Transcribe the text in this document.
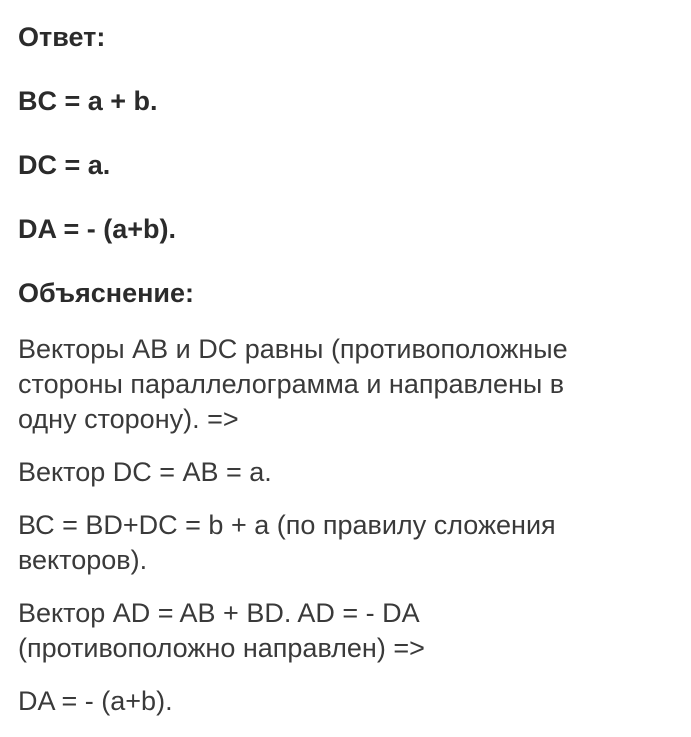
Ответ:

BC = a + b.

DC = a.

DA = - (a+b).

Объяснение:

Векторы АВ и DC равны (противоположные

стороны параллелограмма и направлены в

одну сторону). =>

Вектор DC = АВ = а.

ВС = BD+DC = b + a (по правилу сложения

векторов).

Вектор AD = AB + BD. AD = - DA

(противоположно направлен) =>

DA = - (a+b).
